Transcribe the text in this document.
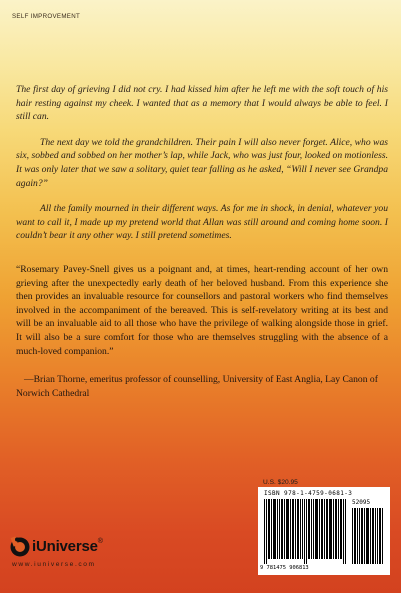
SELF IMPROVEMENT

The first day of grieving I did not cry. I had kissed him after he left me with the soft touch of his hair resting against my cheek. I wanted that as a memory that I would always be able to feel. I still can.

The next day we told the grandchildren. Their pain I will also never forget. Alice, who was six, sobbed and sobbed on her mother’s lap, while Jack, who was just four, looked on motionless. It was only later that we saw a solitary, quiet tear falling as he asked, “Will I never see Grandpa again?”

All the family mourned in their different ways. As for me in shock, in denial, whatever you want to call it, I made up my pretend world that Allan was still around and coming home soon. I couldn’t bear it any other way. I still pretend sometimes.

“Rosemary Pavey-Snell gives us a poignant and, at times, heart-rending account of her own grieving after the unexpectedly early death of her beloved husband. From this experience she then provides an invaluable resource for counsellors and pastoral workers who find themselves involved in the accompaniment of the bereaved. This is self-revelatory writing at its best and will be an invaluable aid to all those who have the privilege of walking alongside those in grief. It will also be a sure comfort for those who are themselves struggling with the absence of a much-loved companion.”

—Brian Thorne, emeritus professor of counselling, University of East Anglia, Lay Canon of Norwich Cathedral

U.S. $20.95
ISBN 978-1-4759-0681-3
52095
9 781475 906813
iUniverse®
www.iuniverse.com
